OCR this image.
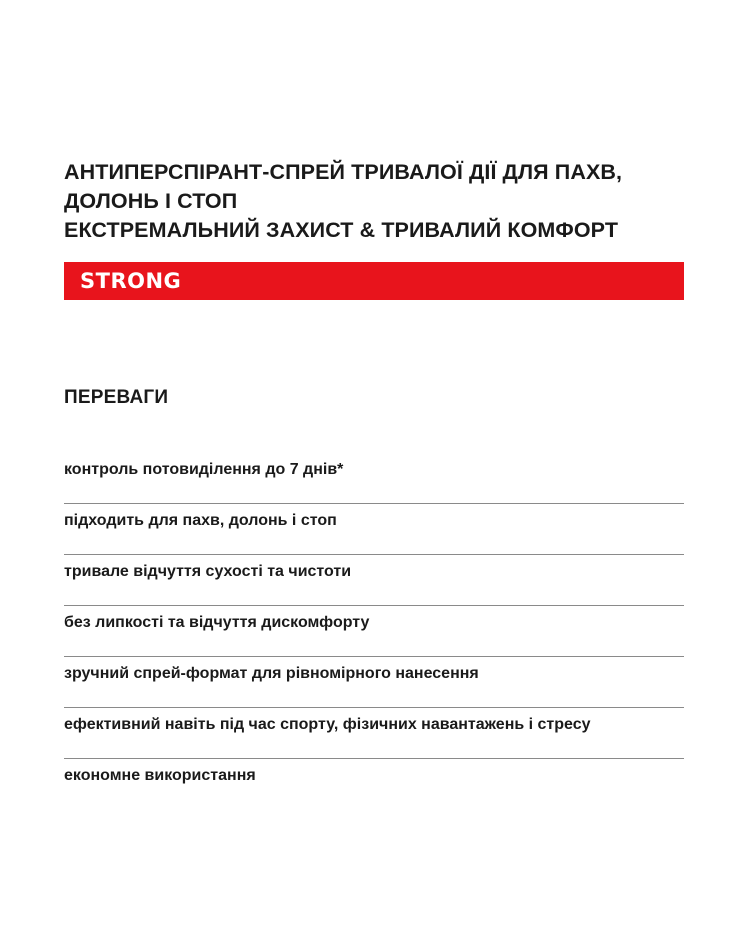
АНТИПЕРСПІРАНТ-СПРЕЙ ТРИВАЛОЇ ДІЇ ДЛЯ ПАХВ,
ДОЛОНЬ І СТОП
ЕКСТРЕМАЛЬНИЙ ЗАХИСТ & ТРИВАЛИЙ КОМФОРТ
STRONG
ПЕРЕВАГИ
контроль потовиділення до 7 днів*
підходить для пахв, долонь і стоп
тривале відчуття сухості та чистоти
без липкості та відчуття дискомфорту
зручний спрей-формат для рівномірного нанесення
ефективний навіть під час спорту, фізичних навантажень і стресу
економне використання
